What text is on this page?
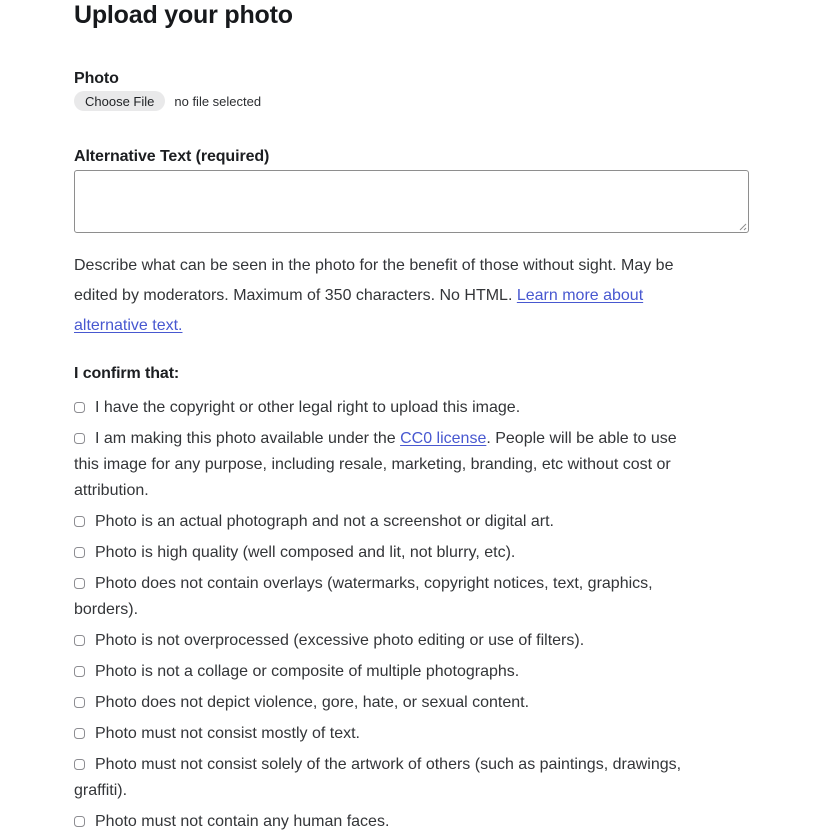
Upload your photo
Photo
Choose File	no file selected
Alternative Text (required)

Describe what can be seen in the photo for the benefit of those without sight. May be edited by moderators. Maximum of 350 characters. No HTML. Learn more about alternative text.

I confirm that:
I have the copyright or other legal right to upload this image.
I am making this photo available under the CC0 license. People will be able to use this image for any purpose, including resale, marketing, branding, etc without cost or attribution.
Photo is an actual photograph and not a screenshot or digital art.
Photo is high quality (well composed and lit, not blurry, etc).
Photo does not contain overlays (watermarks, copyright notices, text, graphics, borders).
Photo is not overprocessed (excessive photo editing or use of filters).
Photo is not a collage or composite of multiple photographs.
Photo does not depict violence, gore, hate, or sexual content.
Photo must not consist mostly of text.
Photo must not consist solely of the artwork of others (such as paintings, drawings, graffiti).
Photo must not contain any human faces.
